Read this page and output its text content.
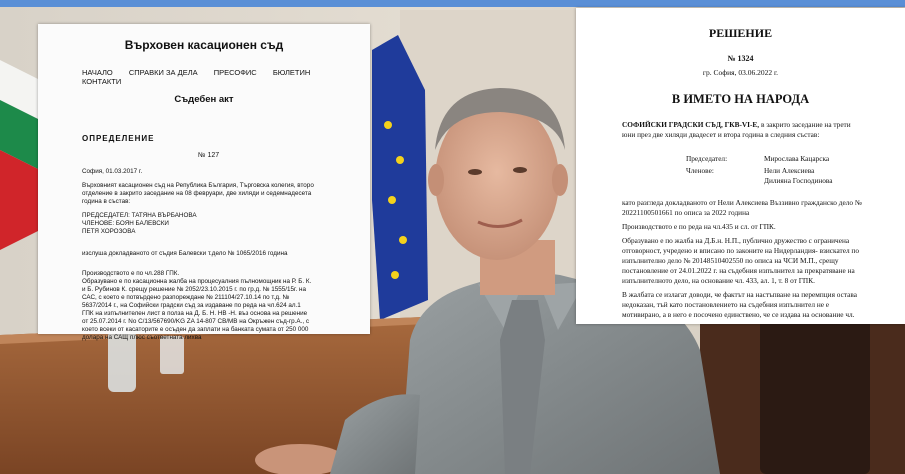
Върховен касационен съд
НАЧАЛО СПРАВКИ ЗА ДЕЛА ПРЕСОФИС БЮЛЕТИН КОНТАКТИ
Съдебен акт
ОПРЕДЕЛЕНИЕ
№ 127
София, 01.03.2017 г.
Върховният касационен съд на Република България, Търговска колегия, второ
отделение в закрито заседание на 08 февруари, две хиляди и седемнадесета
година в състав:
ПРЕДСЕДАТЕЛ: ТАТЯНА ВЪРБАНОВА
ЧЛЕНОВЕ: БОЯН БАЛЕВСКИ
ПЕТЯ ХОРОЗОВА
изслуша докладваното от съдия Балевски т.дело № 1065/2016 година
Производството е по чл.288 ГПК.
Образувано е по касационна жалба на процесуалния пълномощник на Р. Б. К.
и Б. Рубинов К. срещу решение № 2052/23.10.2015 г. по гр.д. № 1555/15г. на
САС, с което е потвърдено разпореждане № 211104/27.10.14 по т.д. №
5637/2014 г., на Софийски градски съд за издаване по реда на чл.624 ал.1
ГПК на изпълнителен лист в полза на Д. Б. Н. НВ -Н. въз основа на решение
от 25.07.2014 г. No C/13/567690/KG ZA 14-807 СВ/МВ на Окръжен съд-гр.А., с
което всеки от касаторите е осъден да заплати на банката сумата от 250 000
долара на САЩ плюс съответната лихва
РЕШЕНИЕ
№ 1324
гр. София, 03.06.2022 г.
В ИМЕТО НА НАРОДА
СОФИЙСКИ ГРАДСКИ СЪД, ГКВ-VI-Е, в закрито заседание на трети
юни през две хиляди двадесет и втора година в следния състав:
Председател:	Мирослава Кацарска
Членове:	Нели Алексиева
Дилияна Господинова
като разгледа докладваното от Нели Алексиева Въззивно гражданско дело №
20221100501661 по описа за 2022 година
Производството е по реда на чл.435 и сл. от ГПК.
Образувано е по жалба на Д.Б.н. Н.П., публично дружество с ограничена
отговорност, учредено и вписано по законите на Нидерландия- взискател по
изпълнително дело № 20148510402550 по описа на ЧСИ М.П., срещу
постановление от 24.01.2022 г. на съдебния изпълнител за прекратяване на
изпълнителното дело, на основание чл. 433, ал. 1, т. 8 от ГПК.
В жалбата се излагат доводи, че фактът на настъпване на перемпция остава
недоказан, тъй като постановлението на съдебния изпълнител не е
мотивирано, а в него е посочено единствено, че се издава на основание чл.
